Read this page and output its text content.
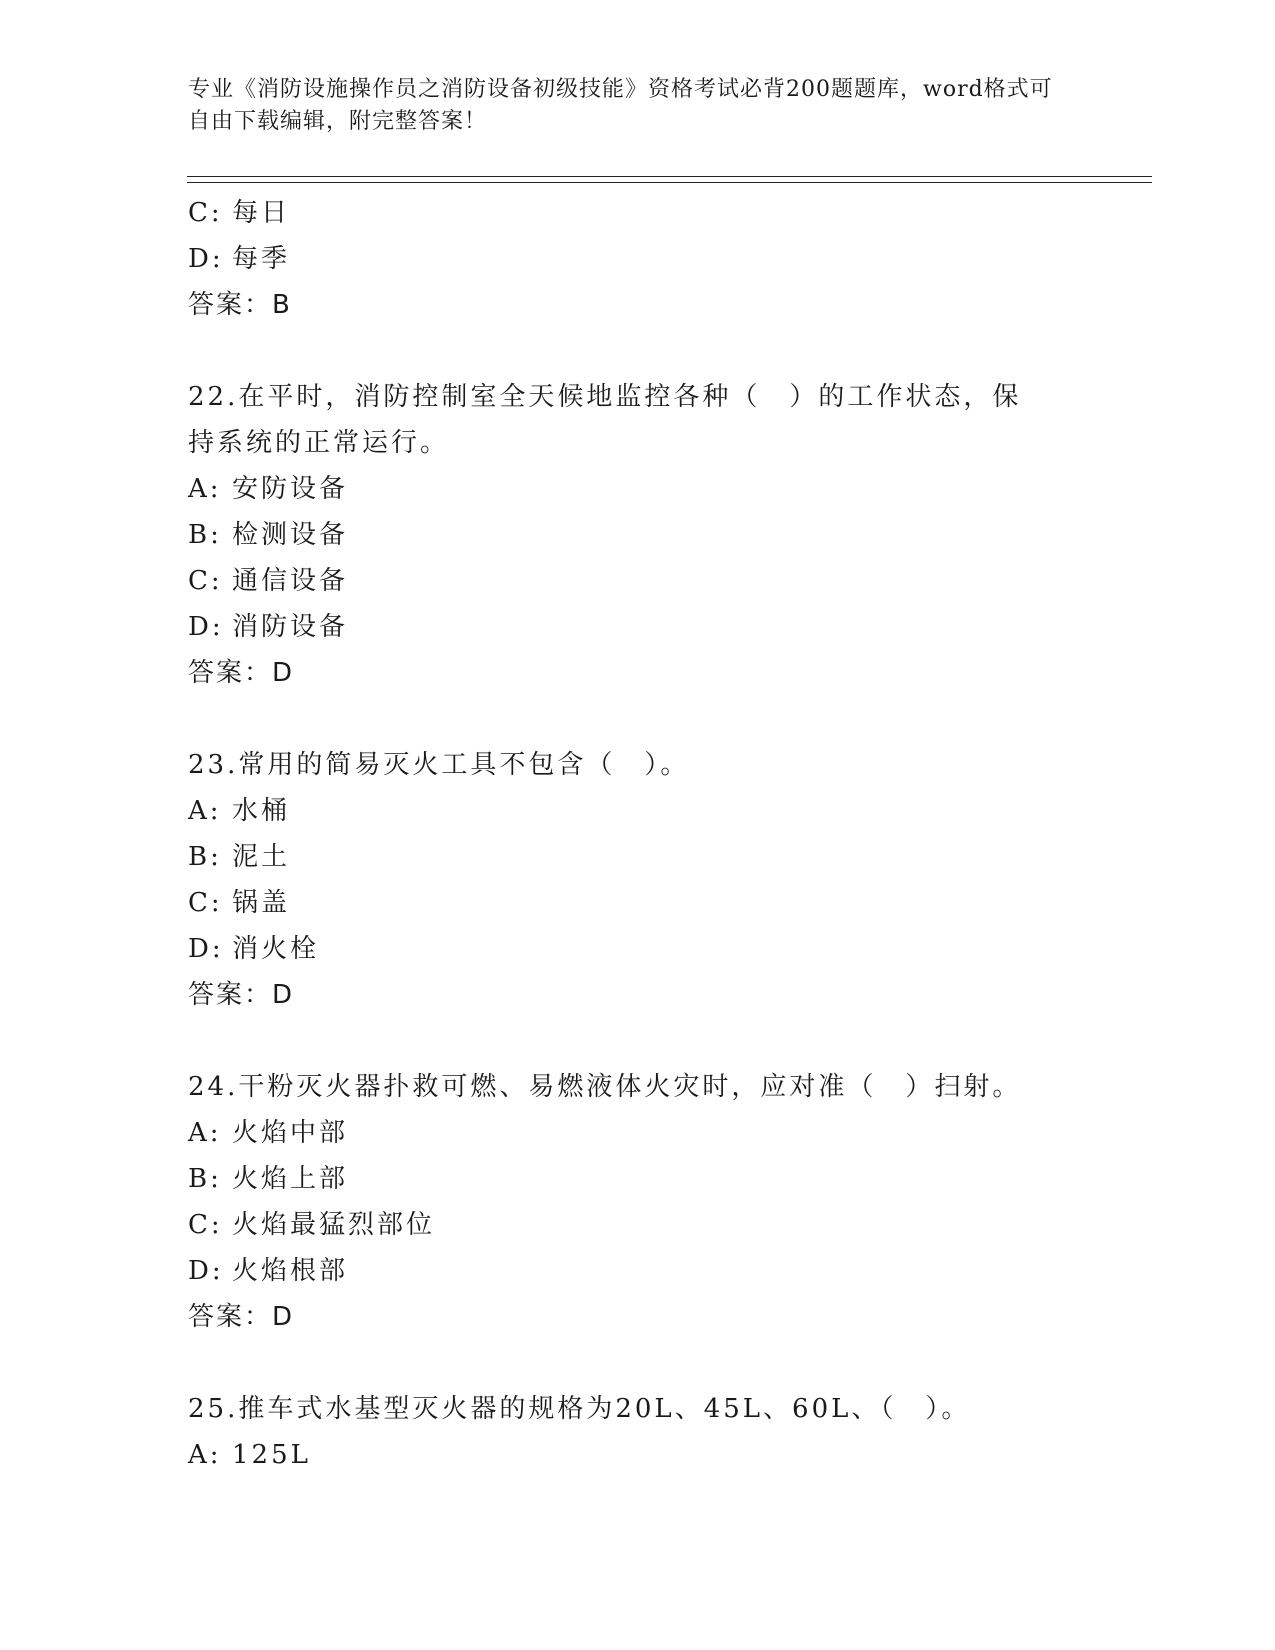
专业《消防设施操作员之消防设备初级技能》资格考试必背200题题库，word格式可自由下载编辑，附完整答案！
C: 每日
D: 每季
答案：B
22.在平时，消防控制室全天候地监控各种（　）的工作状态，保持系统的正常运行。
A: 安防设备
B: 检测设备
C: 通信设备
D: 消防设备
答案：D
23.常用的简易灭火工具不包含（　）。
A: 水桶
B: 泥土
C: 锅盖
D: 消火栓
答案：D
24.干粉灭火器扑救可燃、易燃液体火灾时，应对准（　）扫射。
A: 火焰中部
B: 火焰上部
C: 火焰最猛烈部位
D: 火焰根部
答案：D
25.推车式水基型灭火器的规格为20L、45L、60L、（　）。
A: 125L
